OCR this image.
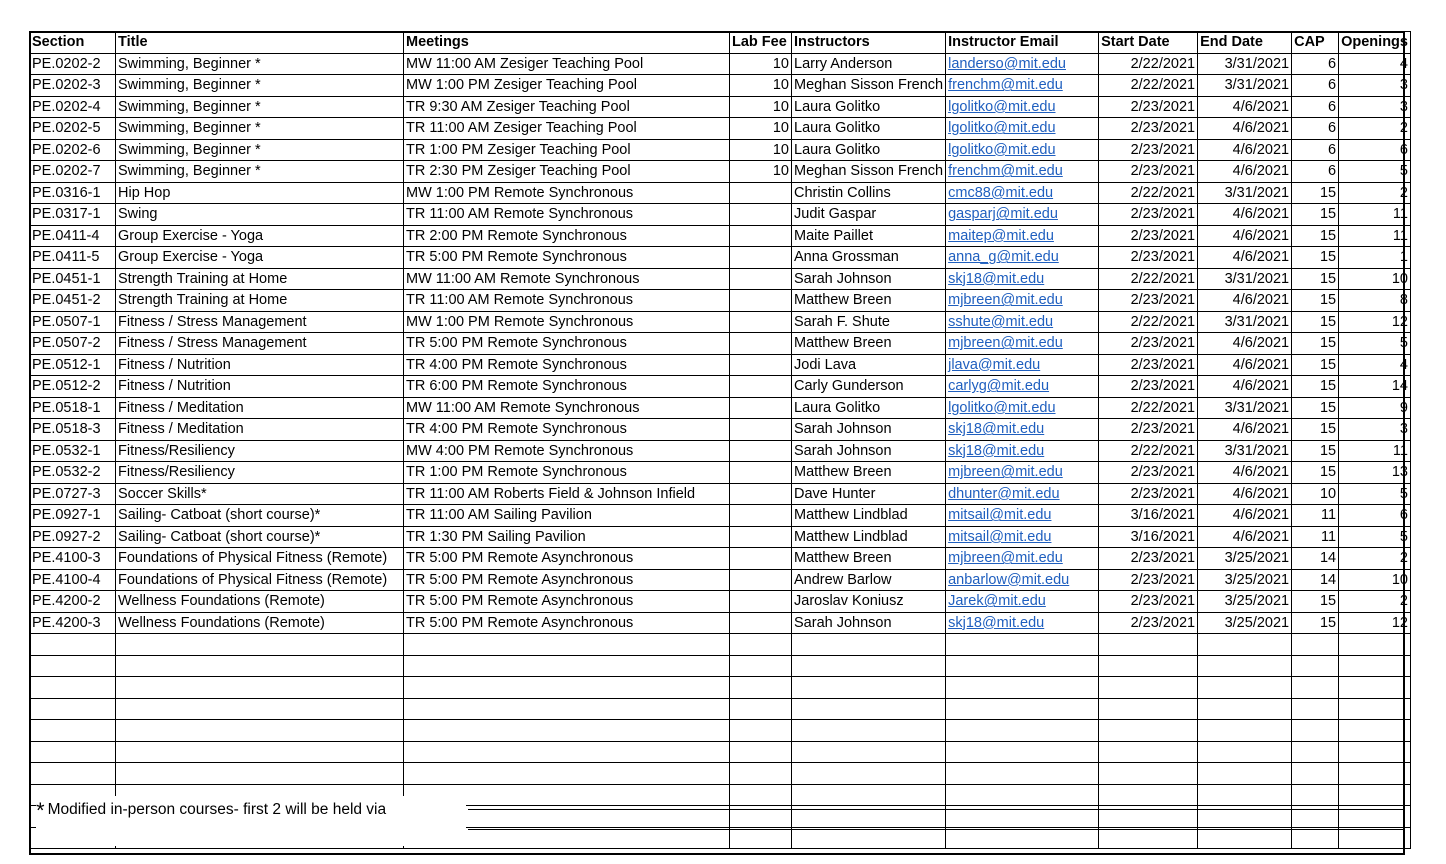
Section	Title	Meetings	Lab Fee	Instructors	Instructor Email	Start Date	End Date	CAP	Openings
PE.0202-2	Swimming, Beginner *	MW 11:00 AM Zesiger Teaching Pool	10	Larry Anderson	landerso@mit.edu	2/22/2021	3/31/2021	6	4
PE.0202-3	Swimming, Beginner *	MW 1:00 PM Zesiger Teaching Pool	10	Meghan Sisson French	frenchm@mit.edu	2/22/2021	3/31/2021	6	3
PE.0202-4	Swimming, Beginner *	TR 9:30 AM Zesiger Teaching Pool	10	Laura Golitko	lgolitko@mit.edu	2/23/2021	4/6/2021	6	3
PE.0202-5	Swimming, Beginner *	TR 11:00 AM Zesiger Teaching Pool	10	Laura Golitko	lgolitko@mit.edu	2/23/2021	4/6/2021	6	2
PE.0202-6	Swimming, Beginner *	TR 1:00 PM Zesiger Teaching Pool	10	Laura Golitko	lgolitko@mit.edu	2/23/2021	4/6/2021	6	6
PE.0202-7	Swimming, Beginner *	TR 2:30 PM Zesiger Teaching Pool	10	Meghan Sisson French	frenchm@mit.edu	2/23/2021	4/6/2021	6	5
PE.0316-1	Hip Hop	MW 1:00 PM Remote Synchronous		Christin Collins	cmc88@mit.edu	2/22/2021	3/31/2021	15	2
PE.0317-1	Swing	TR 11:00 AM Remote Synchronous		Judit Gaspar	gasparj@mit.edu	2/23/2021	4/6/2021	15	11
PE.0411-4	Group Exercise - Yoga	TR 2:00 PM Remote Synchronous		Maite Paillet	maitep@mit.edu	2/23/2021	4/6/2021	15	11
PE.0411-5	Group Exercise - Yoga	TR 5:00 PM Remote Synchronous		Anna Grossman	anna_g@mit.edu	2/23/2021	4/6/2021	15	1
PE.0451-1	Strength Training at Home	MW 11:00 AM Remote Synchronous		Sarah Johnson	skj18@mit.edu	2/22/2021	3/31/2021	15	10
PE.0451-2	Strength Training at Home	TR 11:00 AM Remote Synchronous		Matthew Breen	mjbreen@mit.edu	2/23/2021	4/6/2021	15	8
PE.0507-1	Fitness / Stress Management	MW 1:00 PM Remote Synchronous		Sarah F. Shute	sshute@mit.edu	2/22/2021	3/31/2021	15	12
PE.0507-2	Fitness / Stress Management	TR 5:00 PM Remote Synchronous		Matthew Breen	mjbreen@mit.edu	2/23/2021	4/6/2021	15	5
PE.0512-1	Fitness / Nutrition	TR 4:00 PM Remote Synchronous		Jodi Lava	jlava@mit.edu	2/23/2021	4/6/2021	15	4
PE.0512-2	Fitness / Nutrition	TR 6:00 PM Remote Synchronous		Carly Gunderson	carlyg@mit.edu	2/23/2021	4/6/2021	15	14
PE.0518-1	Fitness / Meditation	MW 11:00 AM Remote Synchronous		Laura Golitko	lgolitko@mit.edu	2/22/2021	3/31/2021	15	9
PE.0518-3	Fitness / Meditation	TR 4:00 PM Remote Synchronous		Sarah Johnson	skj18@mit.edu	2/23/2021	4/6/2021	15	3
PE.0532-1	Fitness/Resiliency	MW 4:00 PM Remote Synchronous		Sarah Johnson	skj18@mit.edu	2/22/2021	3/31/2021	15	11
PE.0532-2	Fitness/Resiliency	TR 1:00 PM Remote Synchronous		Matthew Breen	mjbreen@mit.edu	2/23/2021	4/6/2021	15	13
PE.0727-3	Soccer Skills*	TR 11:00 AM Roberts Field & Johnson Infield		Dave Hunter	dhunter@mit.edu	2/23/2021	4/6/2021	10	5
PE.0927-1	Sailing- Catboat (short course)*	TR 11:00 AM Sailing Pavilion		Matthew Lindblad	mitsail@mit.edu	3/16/2021	4/6/2021	11	6
PE.0927-2	Sailing- Catboat (short course)*	TR 1:30 PM Sailing Pavilion		Matthew Lindblad	mitsail@mit.edu	3/16/2021	4/6/2021	11	5
PE.4100-3	Foundations of Physical Fitness (Remote)	TR 5:00 PM Remote Asynchronous		Matthew Breen	mjbreen@mit.edu	2/23/2021	3/25/2021	14	2
PE.4100-4	Foundations of Physical Fitness (Remote)	TR 5:00 PM Remote Asynchronous		Andrew Barlow	anbarlow@mit.edu	2/23/2021	3/25/2021	14	10
PE.4200-2	Wellness Foundations (Remote)	TR 5:00 PM Remote Asynchronous		Jaroslav Koniusz	Jarek@mit.edu	2/23/2021	3/25/2021	15	2
PE.4200-3	Wellness Foundations (Remote)	TR 5:00 PM Remote Asynchronous		Sarah Johnson	skj18@mit.edu	2/23/2021	3/25/2021	15	12

* Modified in-person courses- first 2 will be held via
